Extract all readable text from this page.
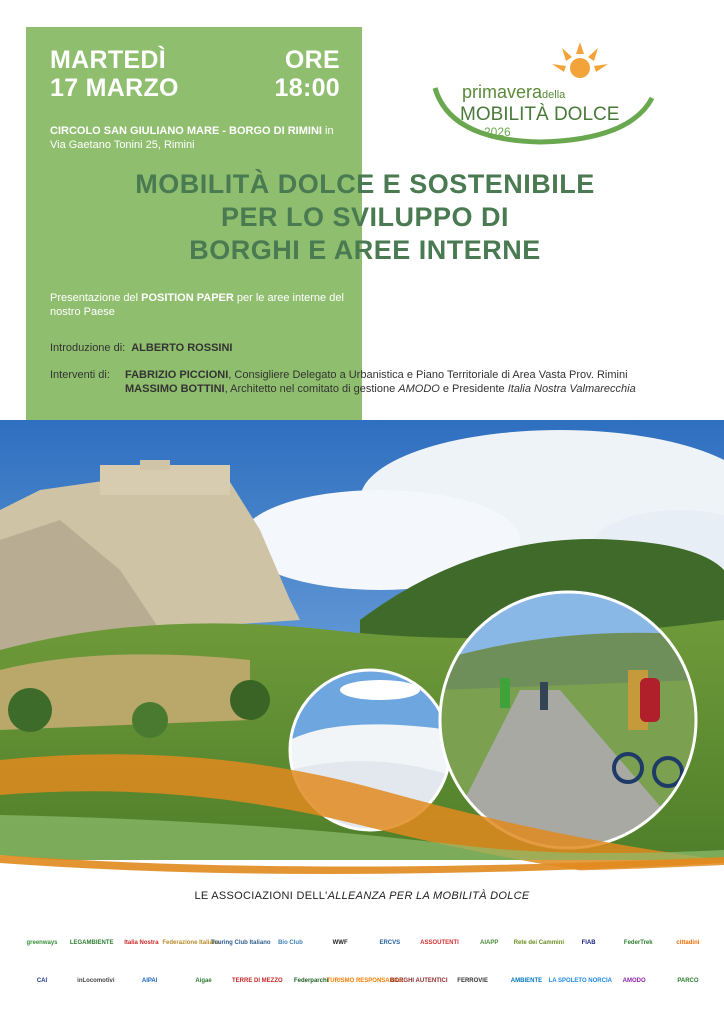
MARTEDÌ	ORE
17 MARZO	18:00
CIRCOLO SAN GIULIANO MARE - BORGO DI RIMINI in Via Gaetano Tonini 25, Rimini
primaveradella
MOBILITÀ DOLCE
2026
MOBILITÀ DOLCE E SOSTENIBILE
PER LO SVILUPPO DI
BORGHI E AREE INTERNE
Presentazione del POSITION PAPER per le aree interne del nostro Paese
Introduzione di: ALBERTO ROSSINI
Interventi di:	FABRIZIO PICCIONI, Consigliere Delegato a Urbanistica e Piano Territoriale di Area Vasta Prov. Rimini
MASSIMO BOTTINI, Architetto nel comitato di gestione AMODO e Presidente Italia Nostra Valmarecchia
LE ASSOCIAZIONI DELL'ALLEANZA PER LA MOBILITÀ DOLCE
greenways	LEGAMBIENTE	Italia Nostra Federazione Italiana
Touring Club Italiano	Bio Club	WWF	ERCVS	ASSOUTENTI	AIAPP	Rete dei Cammini	FIAB	FederTrek	cittadini
CAI	inLocomotivi	AIPAI	Aigae	TERRE DI MEZZO	Federparchi
TURISMO RESPONSABILE
BORGHI AUTENTICI	FERROVIE	AMBIENTE	LA SPOLETO NORCIA	AMODO	PARCO
